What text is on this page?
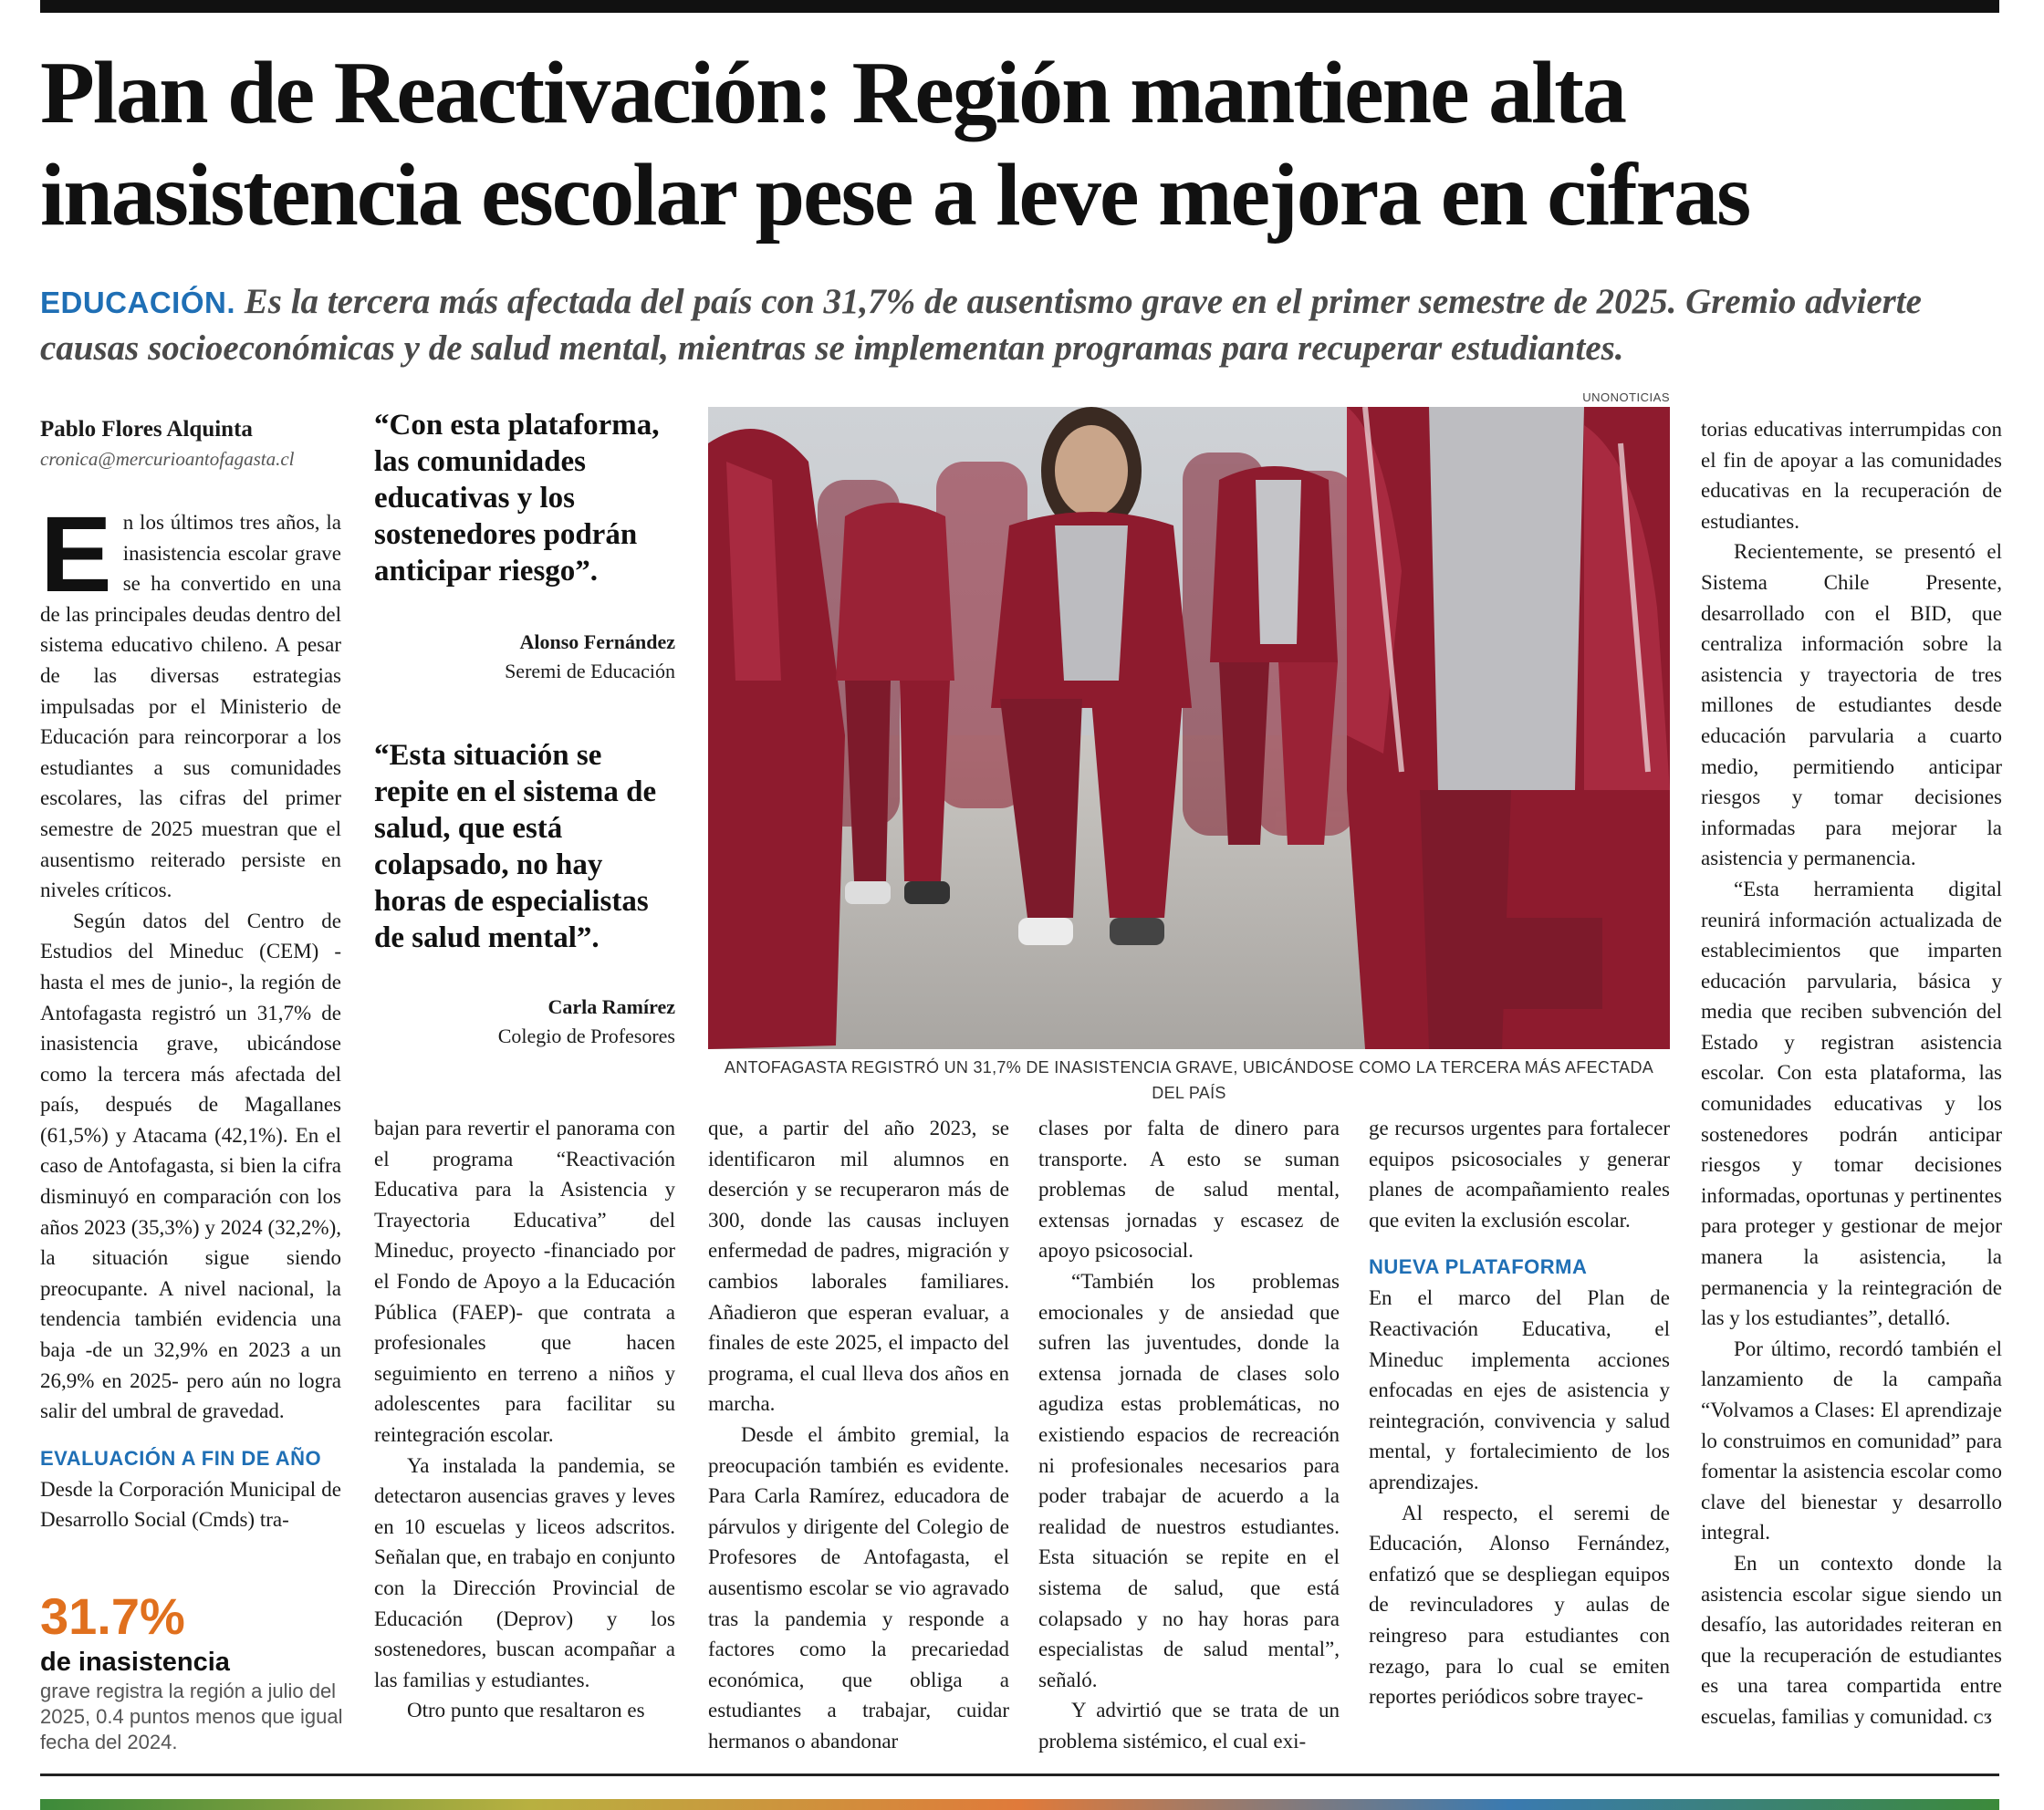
Plan de Reactivación: Región mantiene alta
inasistencia escolar pese a leve mejora en cifras
EDUCACIÓN. Es la tercera más afectada del país con 31,7% de ausentismo grave en el primer semestre de 2025. Gremio advierte causas socioeconómicas y de salud mental, mientras se implementan programas para recuperar estudiantes.
Pablo Flores Alquinta
cronica@mercurioantofagasta.cl

En los últimos tres años, la inasistencia escolar grave se ha convertido en una de las principales deudas dentro del sistema educativo chileno. A pesar de las diversas estrategias impulsadas por el Ministerio de Educación para reincorporar a los estudiantes a sus comunidades escolares, las cifras del primer semestre de 2025 muestran que el ausentismo reiterado persiste en niveles críticos.

Según datos del Centro de Estudios del Mineduc (CEM) -hasta el mes de junio-, la región de Antofagasta registró un 31,7% de inasistencia grave, ubicándose como la tercera más afectada del país, después de Magallanes (61,5%) y Atacama (42,1%). En el caso de Antofagasta, si bien la cifra disminuyó en comparación con los años 2023 (35,3%) y 2024 (32,2%), la situación sigue siendo preocupante. A nivel nacional, la tendencia también evidencia una baja -de un 32,9% en 2023 a un 26,9% en 2025- pero aún no logra salir del umbral de gravedad.

EVALUACIÓN A FIN DE AÑO

Desde la Corporación Municipal de Desarrollo Social (Cmds) tra-

31.7%
de inasistencia
grave registra la región a julio del 2025, 0.4 puntos menos que igual fecha del 2024.
“Con esta plataforma, las comunidades educativas y los sostenedores podrán anticipar riesgo”.
Alonso Fernández
Seremi de Educación
“Esta situación se repite en el sistema de salud, que está colapsado, no hay horas de especialistas de salud mental”.
Carla Ramírez
Colegio de Profesores
UNONOTICIAS
ANTOFAGASTA REGISTRÓ UN 31,7% DE INASISTENCIA GRAVE, UBICÁNDOSE COMO LA TERCERA MÁS AFECTADA DEL PAÍS

bajan para revertir el panorama con el programa “Reactivación Educativa para la Asistencia y Trayectoria Educativa” del Mineduc, proyecto -financiado por el Fondo de Apoyo a la Educación Pública (FAEP)- que contrata a profesionales que hacen seguimiento en terreno a niños y adolescentes para facilitar su reintegración escolar.

Ya instalada la pandemia, se detectaron ausencias graves y leves en 10 escuelas y liceos adscritos. Señalan que, en trabajo en conjunto con la Dirección Provincial de Educación (Deprov) y los sostenedores, buscan acompañar a las familias y estudiantes.

Otro punto que resaltaron es

que, a partir del año 2023, se identificaron mil alumnos en deserción y se recuperaron más de 300, donde las causas incluyen enfermedad de padres, migración y cambios laborales familiares. Añadieron que esperan evaluar, a finales de este 2025, el impacto del programa, el cual lleva dos años en marcha.

Desde el ámbito gremial, la preocupación también es evidente. Para Carla Ramírez, educadora de párvulos y dirigente del Colegio de Profesores de Antofagasta, el ausentismo escolar se vio agravado tras la pandemia y responde a factores como la precariedad económica, que obliga a estudiantes a trabajar, cuidar hermanos o abandonar

clases por falta de dinero para transporte. A esto se suman problemas de salud mental, extensas jornadas y escasez de apoyo psicosocial.

“También los problemas emocionales y de ansiedad que sufren las juventudes, donde la extensa jornada de clases solo agudiza estas problemáticas, no existiendo espacios de recreación ni profesionales necesarios para poder trabajar de acuerdo a la realidad de nuestros estudiantes. Esta situación se repite en el sistema de salud, que está colapsado y no hay horas para especialistas de salud mental”, señaló.

Y advirtió que se trata de un problema sistémico, el cual exi-

ge recursos urgentes para fortalecer equipos psicosociales y generar planes de acompañamiento reales que eviten la exclusión escolar.

NUEVA PLATAFORMA

En el marco del Plan de Reactivación Educativa, el Mineduc implementa acciones enfocadas en ejes de asistencia y reintegración, convivencia y salud mental, y fortalecimiento de los aprendizajes.

Al respecto, el seremi de Educación, Alonso Fernández, enfatizó que se despliegan equipos de revinculadores y aulas de reingreso para estudiantes con rezago, para lo cual se emiten reportes periódicos sobre trayec-

torias educativas interrumpidas con el fin de apoyar a las comunidades educativas en la recuperación de estudiantes.

Recientemente, se presentó el Sistema Chile Presente, desarrollado con el BID, que centraliza información sobre la asistencia y trayectoria de tres millones de estudiantes desde educación parvularia a cuarto medio, permitiendo anticipar riesgos y tomar decisiones informadas para mejorar la asistencia y permanencia.

“Esta herramienta digital reunirá información actualizada de establecimientos que imparten educación parvularia, básica y media que reciben subvención del Estado y registran asistencia escolar. Con esta plataforma, las comunidades educativas y los sostenedores podrán anticipar riesgos y tomar decisiones informadas, oportunas y pertinentes para proteger y gestionar de mejor manera la asistencia, la permanencia y la reintegración de las y los estudiantes”, detalló.

Por último, recordó también el lanzamiento de la campaña “Volvamos a Clases: El aprendizaje lo construimos en comunidad” para fomentar la asistencia escolar como clave del bienestar y desarrollo integral.

En un contexto donde la asistencia escolar sigue siendo un desafío, las autoridades reiteran en que la recuperación de estudiantes es una tarea compartida entre escuelas, familias y comunidad. ᴄᴣ
